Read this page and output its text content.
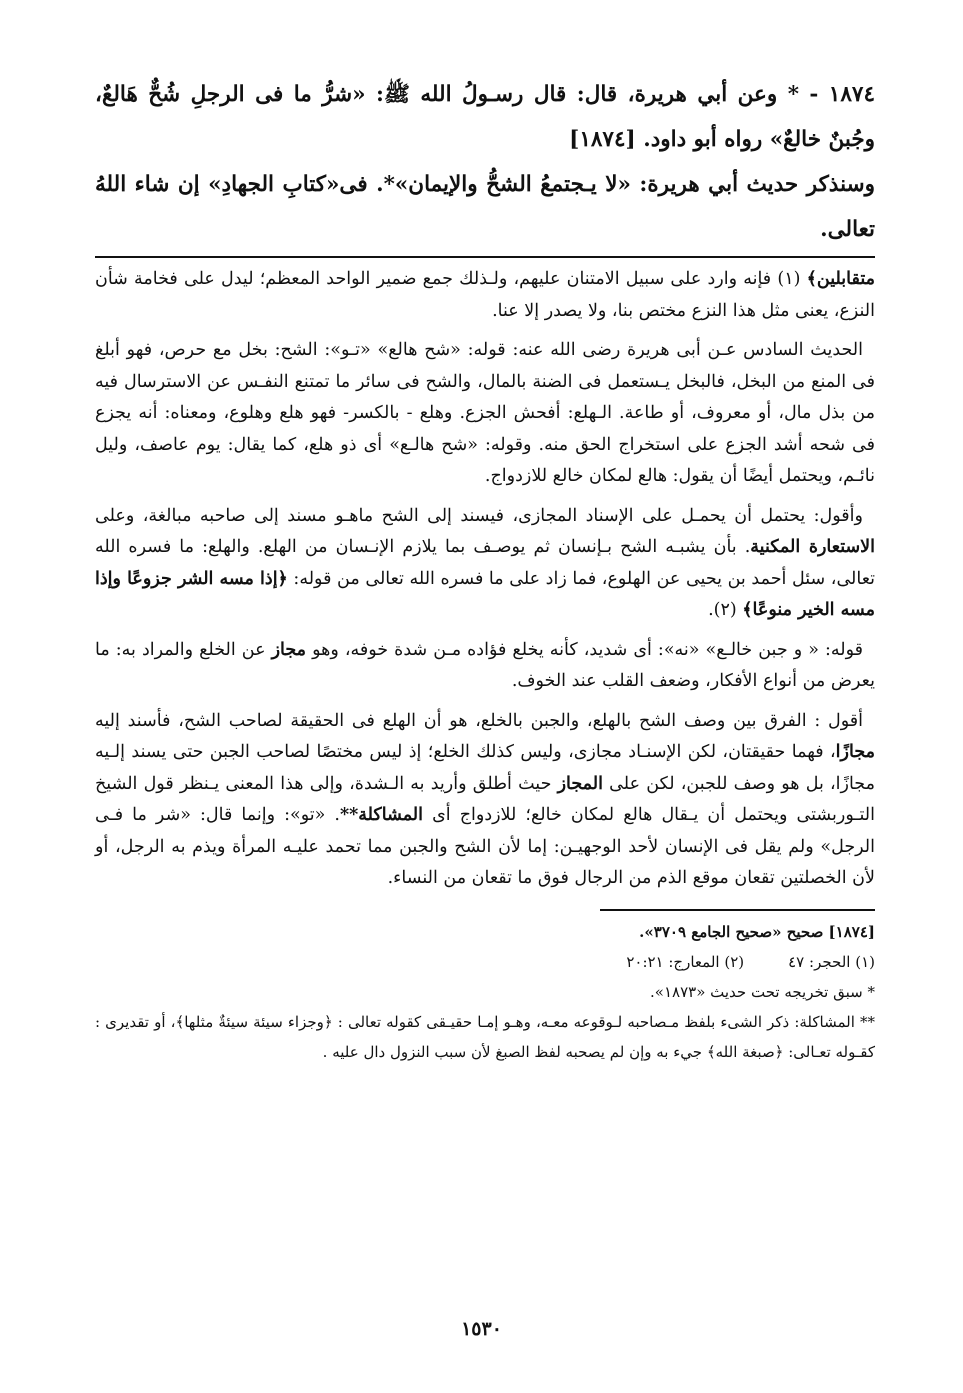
١٨٧٤ - * وعن أبي هريرة، قال: قال رسـولُ الله ﷺ: «شرُّ ما فى الرجلِ شُحٌّ هَالعٌ، وجُبنٌ خالعٌ» رواه أبو داود. [١٨٧٤]

وسنذكر حديث أبي هريرة: «لا يـجتمعُ الشحُّ والإيمان»*. فى«كتابِ الجهادِ» إن شاء اللهُ تعالى.

متقابلين﴾ (١) فإنه وارد على سبيل الامتنان عليهم، ولـذلك جمع ضمير الواحد المعظم؛ ليدل على فخامة شأن النزع، يعنى مثل هذا النزع مختص بنا، ولا يصدر إلا عنا.

الحديث السادس عـن أبى هريرة رضى الله عنه: قوله: «شح هالع» «تـو»: الشح: بخل مع حرص، فهو أبلغ فى المنع من البخل، فالبخل يـستعمل فى الضنة بالمال، والشح فى سائر ما تمتنع النفـس عن الاسترسال فيه من بذل مال، أو معروف، أو طاعة. الـهلع: أفحش الجزع. وهلع - بالكسر- فهو هلع وهلوع، ومعناه: أنه يجزع فى شحه أشد الجزع على استخراج الحق منه. وقوله: «شح هالـع» أى ذو هلع، كما يقال: يوم عاصف، وليل نائـم، ويحتمل أيضًا أن يقول: هالع لمكان خالع للازدواج.

وأقول: يحتمل أن يحمـل على الإسناد المجازى، فيسند إلى الشح ماهـو مسند إلى صاحبه مبالغة، وعلى الاستعارة المكنية. بأن يشبـه الشح بـإنسان ثم يوصـف بما يلازم الإنـسان من الهلع. والهلع: ما فسره الله تعالى، سئل أحمد بن يحيى عن الهلوع، فما زاد على ما فسره الله تعالى من قوله: ﴿إذا مسه الشر جزوعًا وإذا مسه الخير منوعًا﴾ (٢).

قوله: « و جبن خالـع» «نه»: أى شديد، كأنه يخلع فؤاده مـن شدة خوفه، وهو مجاز عن الخلع والمراد به: ما يعرض من أنواع الأفكار، وضعف القلب عند الخوف.

أقول : الفرق بين وصف الشح بالهلع، والجبن بالخلع، هو أن الهلع فى الحقيقة لصاحب الشح، فأسند إليه مجازًا، فهما حقيقتان، لكن الإسنـاد مجازى، وليس كذلك الخلع؛ إذ ليس مختصًا لصاحب الجبن حتى يسند إلـيه مجازًا، بل هو وصف للجبن، لكن على المجاز حيث أطلق وأريد به الـشدة، وإلى هذا المعنى يـنظر قول الشيخ التـوربشتى ويحتمل أن يـقال هالع لمكان خالع؛ للازدواج أى المشاكلة**. «تو»: وإنما قال: «شر ما فـى الرجل» ولم يقل فى الإنسان لأحد الوجهيـن: إما لأن الشح والجبن مما تحمد عليـه المرأة ويذم به الرجل، أو لأن الخصلتين تقعان موقع الذم من الرجال فوق ما تقعان من النساء.

[١٨٧٤] صحيح «صحيح الجامع ٣٧٠٩».

(١) الحجر: ٤٧(٢) المعارج: ٢٠:٢١

* سبق تخريجه تحت حديث «١٨٧٣».

** المشاكلة: ذكر الشىء بلفظ مـصاحبه لـوقوعه معـه، وهـو إمـا حقيـقى كقوله تعالى : ﴿وجزاء سيئة سيئةٌ مثلها﴾، أو تقديرى : كقـوله تعـالى: ﴿صبغة الله﴾ جيء به وإن لم يصحبه لفظ الصبغ لأن سبب النزول دال عليه .

١٥٣٠
